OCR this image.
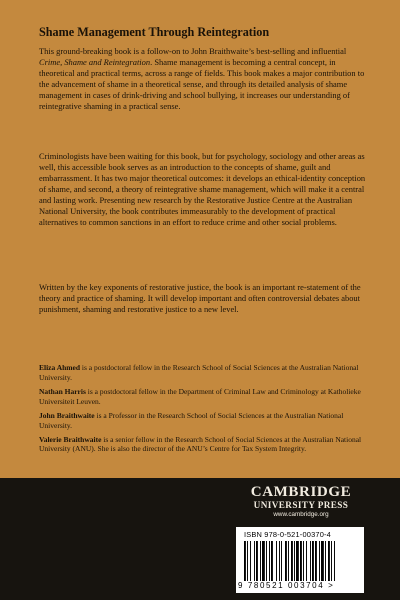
Shame Management Through Reintegration

This ground-breaking book is a follow-on to John Braithwaite’s best-selling and influential Crime, Shame and Reintegration. Shame management is becoming a central concept, in theoretical and practical terms, across a range of fields. This book makes a major contribution to the advancement of shame in a theoretical sense, and through its detailed analysis of shame management in cases of drink-driving and school bullying, it increases our understanding of reintegrative shaming in a practical sense.

Criminologists have been waiting for this book, but for psychology, sociology and other areas as well, this accessible book serves as an introduction to the concepts of shame, guilt and embarrassment. It has two major theoretical outcomes: it develops an ethical-identity conception of shame, and second, a theory of reintegrative shame management, which will make it a central and lasting work. Presenting new research by the Restorative Justice Centre at the Australian National University, the book contributes immeasurably to the development of practical alternatives to common sanctions in an effort to reduce crime and other social problems.

Written by the key exponents of restorative justice, the book is an important re-statement of the theory and practice of shaming. It will develop important and often controversial debates about punishment, shaming and restorative justice to a new level.

Eliza Ahmed is a postdoctoral fellow in the Research School of Social Sciences at the Australian National University.

Nathan Harris is a postdoctoral fellow in the Department of Criminal Law and Criminology at Katholieke Universiteit Leuven.

John Braithwaite is a Professor in the Research School of Social Sciences at the Australian National University.

Valerie Braithwaite is a senior fellow in the Research School of Social Sciences at the Australian National University (ANU). She is also the director of the ANU’s Centre for Tax System Integrity.

CAMBRIDGE
UNIVERSITY PRESS
www.cambridge.org
ISBN 978-0-521-00370-4
9 780521 003704 >
